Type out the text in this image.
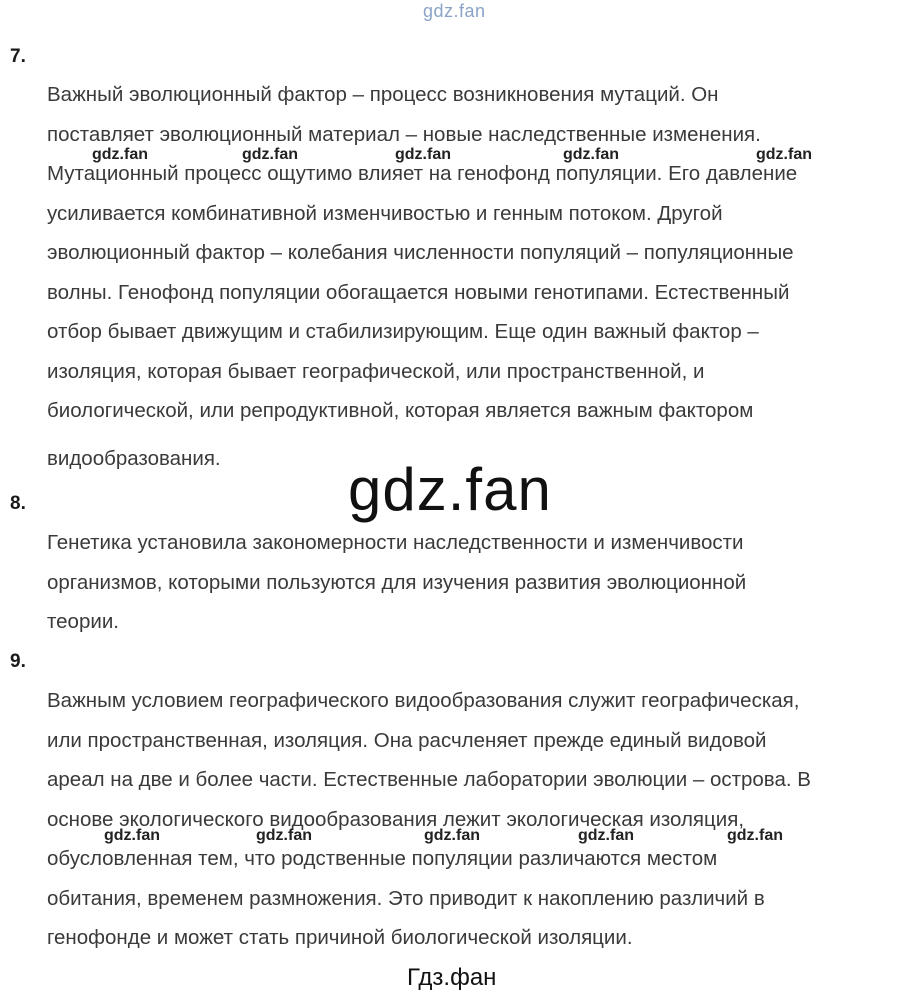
gdz.fan
7.
Важный эволюционный фактор – процесс возникновения мутаций. Он
поставляет эволюционный материал – новые наследственные изменения.
Мутационный процесс ощутимо влияет на генофонд популяции. Его давление
усиливается комбинативной изменчивостью и генным потоком. Другой
эволюционный фактор – колебания численности популяций – популяционные
волны. Генофонд популяции обогащается новыми генотипами. Естественный
отбор бывает движущим и стабилизирующим. Еще один важный фактор –
изоляция, которая бывает географической, или пространственной, и
биологической, или репродуктивной, которая является важным фактором
видообразования.
gdz.fan	gdz.fan	gdz.fan	gdz.fan	gdz.fan
gdz.fan
8.
Генетика установила закономерности наследственности и изменчивости
организмов, которыми пользуются для изучения развития эволюционной
теории.
9.
Важным условием географического видообразования служит географическая,
или пространственная, изоляция. Она расчленяет прежде единый видовой
ареал на две и более части. Естественные лаборатории эволюции – острова. В
основе экологического видообразования лежит экологическая изоляция,
обусловленная тем, что родственные популяции различаются местом
обитания, временем размножения. Это приводит к накоплению различий в
генофонде и может стать причиной биологической изоляции.
gdz.fan	gdz.fan	gdz.fan	gdz.fan	gdz.fan
Гдз.фан
